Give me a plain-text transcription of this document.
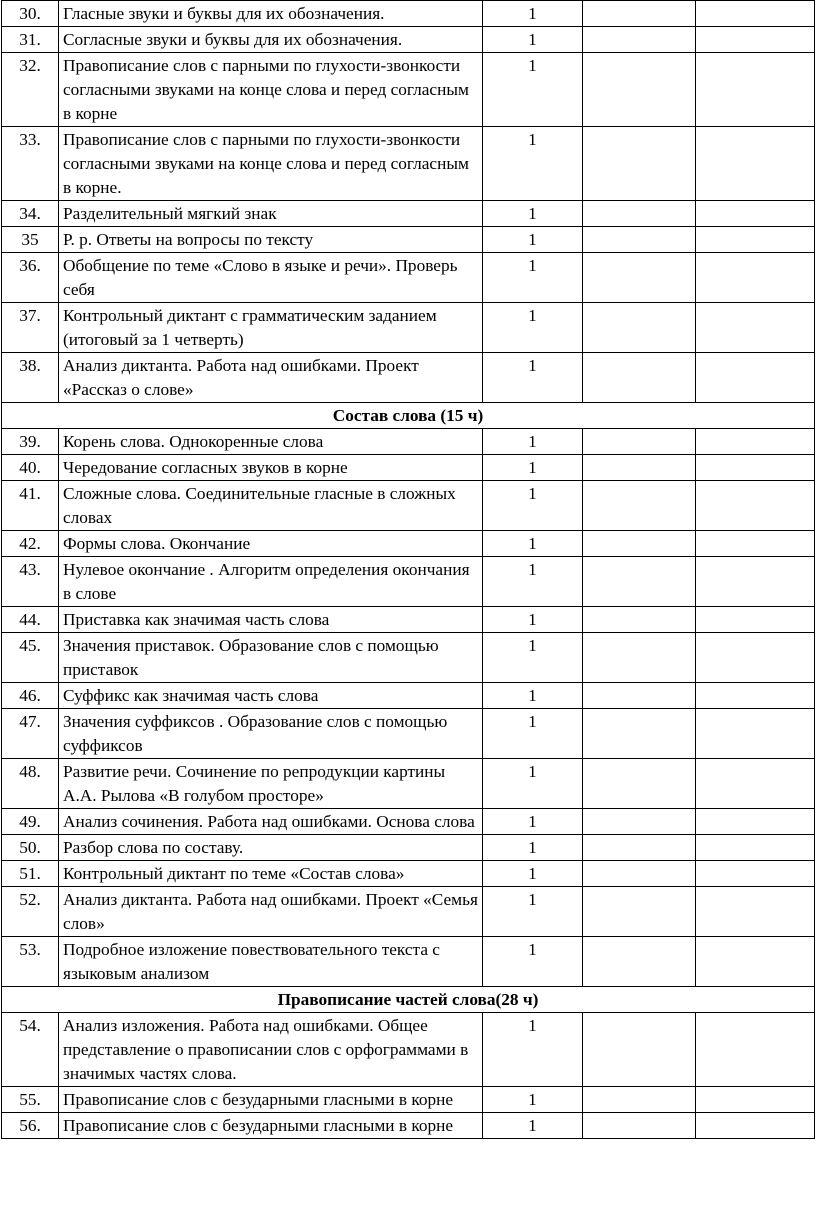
30.	Гласные звуки и буквы для их обозначения.	1		
31.	Согласные звуки и буквы для их обозначения.	1		
32.	Правописание слов с парными по глухости-звонкости согласными звуками на конце слова и перед согласным в корне	1		
33.	Правописание слов с парными по глухости-звонкости согласными звуками на конце слова и перед согласным в корне.	1		
34.	Разделительный мягкий знак	1		
35	Р. р. Ответы на вопросы по тексту	1		
36.	Обобщение по теме «Слово в языке и речи». Проверь себя	1		
37.	Контрольный диктант с грамматическим заданием (итоговый за 1 четверть)	1		
38.	Анализ диктанта. Работа над ошибками. Проект «Рассказ о слове»	1		
Состав слова (15 ч)				
39.	Корень слова. Однокоренные слова	1		
40.	Чередование согласных звуков в корне	1		
41.	Сложные слова. Соединительные гласные в сложных словах	1		
42.	Формы слова. Окончание	1		
43.	Нулевое окончание . Алгоритм определения окончания в слове	1		
44.	Приставка как значимая часть слова	1		
45.	Значения приставок. Образование слов с помощью приставок	1		
46.	Суффикс как значимая часть слова	1		
47.	Значения суффиксов . Образование слов с помощью суффиксов	1		
48.	Развитие речи. Сочинение по репродукции картины А.А. Рылова «В голубом просторе»	1		
49.	Анализ сочинения. Работа над ошибками. Основа слова	1		
50.	Разбор слова по составу.	1		
51.	Контрольный диктант по теме «Состав слова»	1		
52.	Анализ диктанта. Работа над ошибками. Проект «Семья слов»	1		
53.	Подробное изложение повествовательного текста с языковым анализом	1		
Правописание частей слова(28 ч)				
54.	Анализ изложения. Работа над ошибками. Общее представление о правописании слов с орфограммами в значимых частях слова.	1		
55.	Правописание слов с безударными гласными в корне	1		
56.	Правописание слов с безударными гласными в корне	1		
